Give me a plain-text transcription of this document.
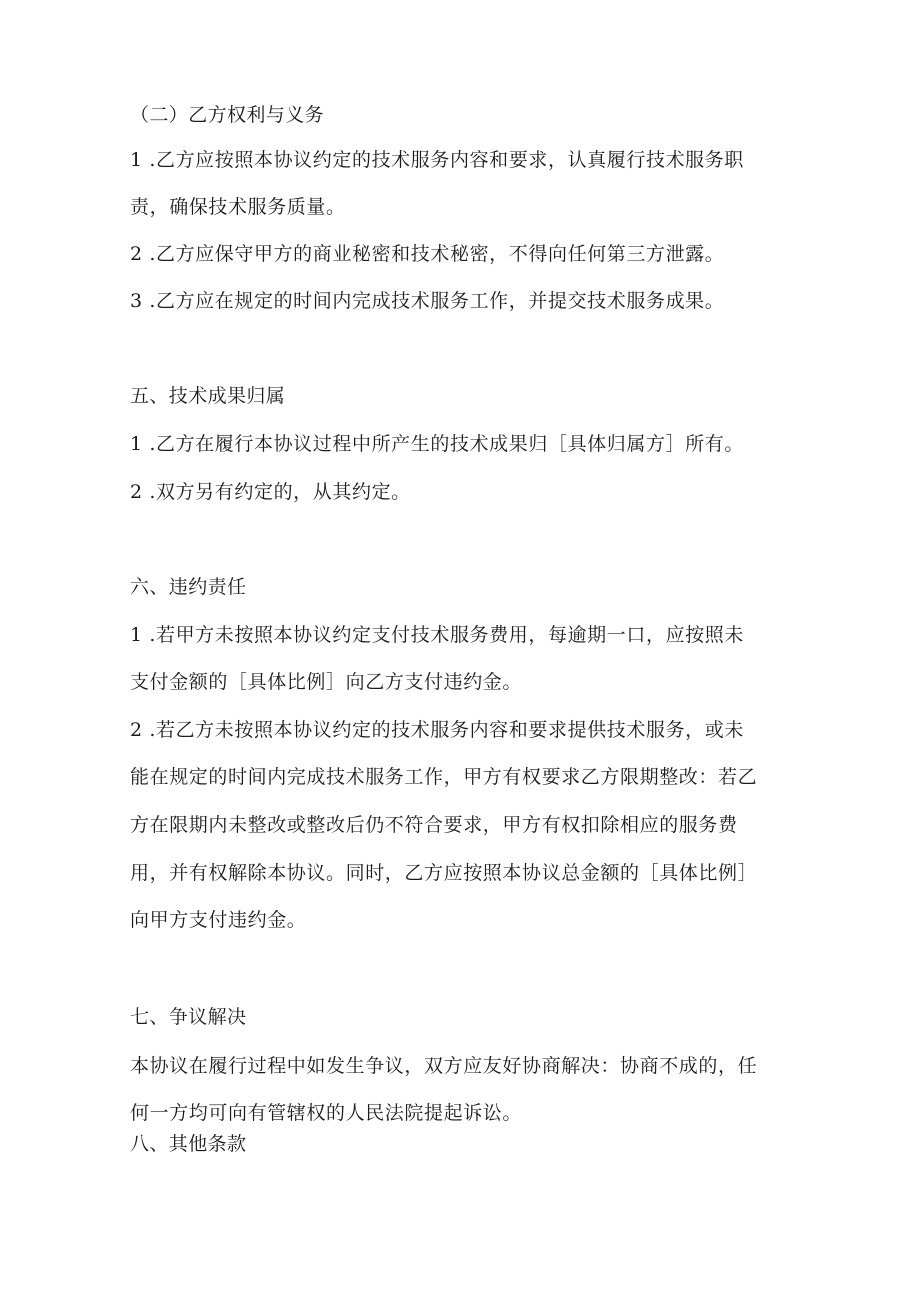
（二）乙方权利与义务
1 .乙方应按照本协议约定的技术服务内容和要求，认真履行技术服务职
责，确保技术服务质量。
2 .乙方应保守甲方的商业秘密和技术秘密，不得向任何第三方泄露。
3 .乙方应在规定的时间内完成技术服务工作，并提交技术服务成果。
五、技术成果归属
1 .乙方在履行本协议过程中所产生的技术成果归［具体归属方］所有。
2 .双方另有约定的，从其约定。
六、违约责任
1 .若甲方未按照本协议约定支付技术服务费用，每逾期一口，应按照未
支付金额的［具体比例］向乙方支付违约金。
2 .若乙方未按照本协议约定的技术服务内容和要求提供技术服务，或未
能在规定的时间内完成技术服务工作，甲方有权要求乙方限期整改：若乙
方在限期内未整改或整改后仍不符合要求，甲方有权扣除相应的服务费
用，并有权解除本协议。同时，乙方应按照本协议总金额的［具体比例］
向甲方支付违约金。
七、争议解决
本协议在履行过程中如发生争议，双方应友好协商解决：协商不成的，任
何一方均可向有管辖权的人民法院提起诉讼。
八、其他条款
